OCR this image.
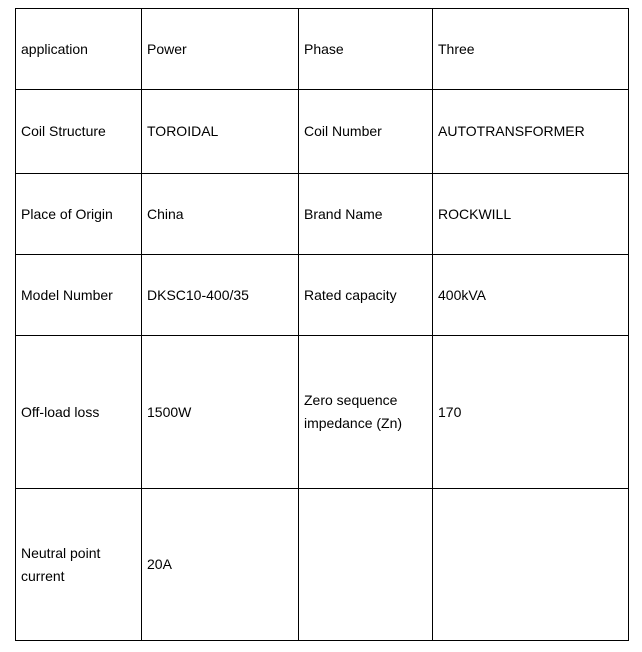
application	Power	Phase	Three
Coil Structure	TOROIDAL	Coil Number	AUTOTRANSFORMER
Place of Origin	China	Brand Name	ROCKWILL
Model Number	DKSC10-400/35	Rated capacity	400kVA
Off-load loss	1500W	Zero sequence impedance (Zn)	170
Neutral point current	20A		
